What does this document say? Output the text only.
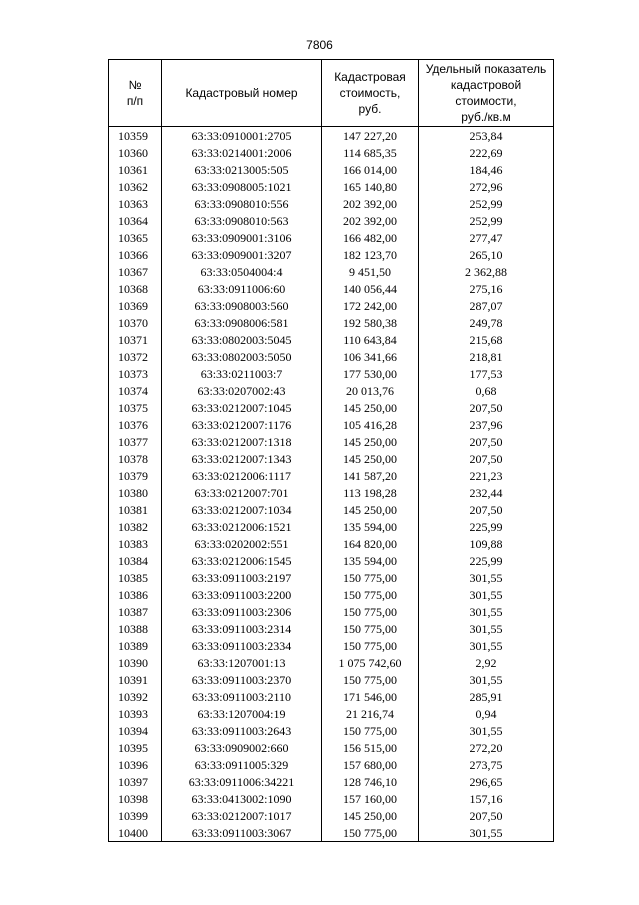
7806
№
п/п	Кадастровый номер	Кадастровая
стоимость,
руб.	Удельный показатель
кадастровой
стоимости,
руб./кв.м
10359	63:33:0910001:2705	147 227,20	253,84
10360	63:33:0214001:2006	114 685,35	222,69
10361	63:33:0213005:505	166 014,00	184,46
10362	63:33:0908005:1021	165 140,80	272,96
10363	63:33:0908010:556	202 392,00	252,99
10364	63:33:0908010:563	202 392,00	252,99
10365	63:33:0909001:3106	166 482,00	277,47
10366	63:33:0909001:3207	182 123,70	265,10
10367	63:33:0504004:4	9 451,50	2 362,88
10368	63:33:0911006:60	140 056,44	275,16
10369	63:33:0908003:560	172 242,00	287,07
10370	63:33:0908006:581	192 580,38	249,78
10371	63:33:0802003:5045	110 643,84	215,68
10372	63:33:0802003:5050	106 341,66	218,81
10373	63:33:0211003:7	177 530,00	177,53
10374	63:33:0207002:43	20 013,76	0,68
10375	63:33:0212007:1045	145 250,00	207,50
10376	63:33:0212007:1176	105 416,28	237,96
10377	63:33:0212007:1318	145 250,00	207,50
10378	63:33:0212007:1343	145 250,00	207,50
10379	63:33:0212006:1117	141 587,20	221,23
10380	63:33:0212007:701	113 198,28	232,44
10381	63:33:0212007:1034	145 250,00	207,50
10382	63:33:0212006:1521	135 594,00	225,99
10383	63:33:0202002:551	164 820,00	109,88
10384	63:33:0212006:1545	135 594,00	225,99
10385	63:33:0911003:2197	150 775,00	301,55
10386	63:33:0911003:2200	150 775,00	301,55
10387	63:33:0911003:2306	150 775,00	301,55
10388	63:33:0911003:2314	150 775,00	301,55
10389	63:33:0911003:2334	150 775,00	301,55
10390	63:33:1207001:13	1 075 742,60	2,92
10391	63:33:0911003:2370	150 775,00	301,55
10392	63:33:0911003:2110	171 546,00	285,91
10393	63:33:1207004:19	21 216,74	0,94
10394	63:33:0911003:2643	150 775,00	301,55
10395	63:33:0909002:660	156 515,00	272,20
10396	63:33:0911005:329	157 680,00	273,75
10397	63:33:0911006:34221	128 746,10	296,65
10398	63:33:0413002:1090	157 160,00	157,16
10399	63:33:0212007:1017	145 250,00	207,50
10400	63:33:0911003:3067	150 775,00	301,55
